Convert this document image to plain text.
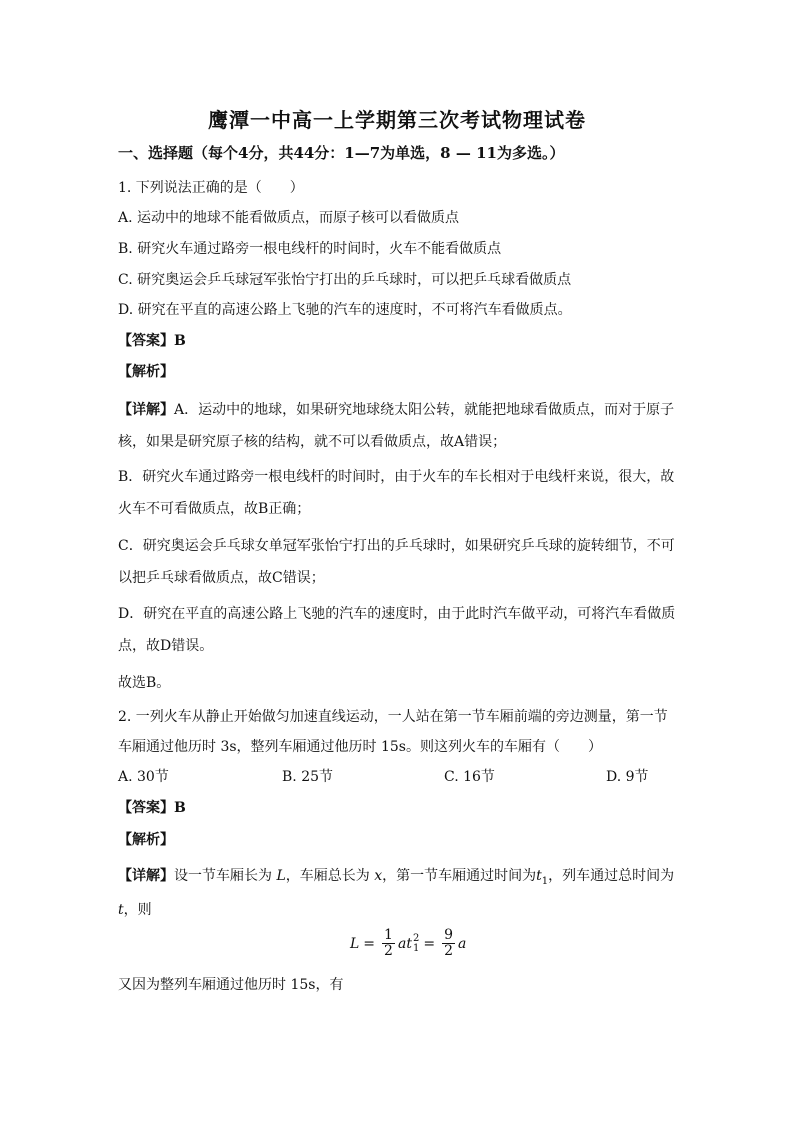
鹰潭一中高一上学期第三次考试物理试卷
一、选择题（每个4分，共44分：1—7为单选，8 — 11为多选。）
1. 下列说法正确的是（　　）
A. 运动中的地球不能看做质点，而原子核可以看做质点
B. 研究火车通过路旁一根电线杆的时间时，火车不能看做质点
C. 研究奥运会乒乓球冠军张怡宁打出的乒乓球时，可以把乒乓球看做质点
D. 研究在平直的高速公路上飞驰的汽车的速度时，不可将汽车看做质点。
【答案】B
【解析】
【详解】A．运动中的地球，如果研究地球绕太阳公转，就能把地球看做质点，而对于原子
核，如果是研究原子核的结构，就不可以看做质点，故A错误；
B．研究火车通过路旁一根电线杆的时间时，由于火车的车长相对于电线杆来说，很大，故
火车不可看做质点，故B正确；
C．研究奥运会乒乓球女单冠军张怡宁打出的乒乓球时，如果研究乒乓球的旋转细节，不可
以把乒乓球看做质点，故C错误；
D．研究在平直的高速公路上飞驰的汽车的速度时，由于此时汽车做平动，可将汽车看做质
点，故D错误。
故选B。
2. 一列火车从静止开始做匀加速直线运动，一人站在第一节车厢前端的旁边测量，第一节
车厢通过他历时 3s，整列车厢通过他历时 15s。则这列火车的车厢有（　　）
A. 30节	B. 25节	C. 16节	D. 9节
【答案】B
【解析】
【详解】设一节车厢长为 L，车厢总长为 x，第一节车厢通过时间为$t_1$，列车通过总时间为
t，则
$L = \frac{1}{2}$ a t 2
$1 = \frac{9}{2}$ a
又因为整列车厢通过他历时 15s，有
